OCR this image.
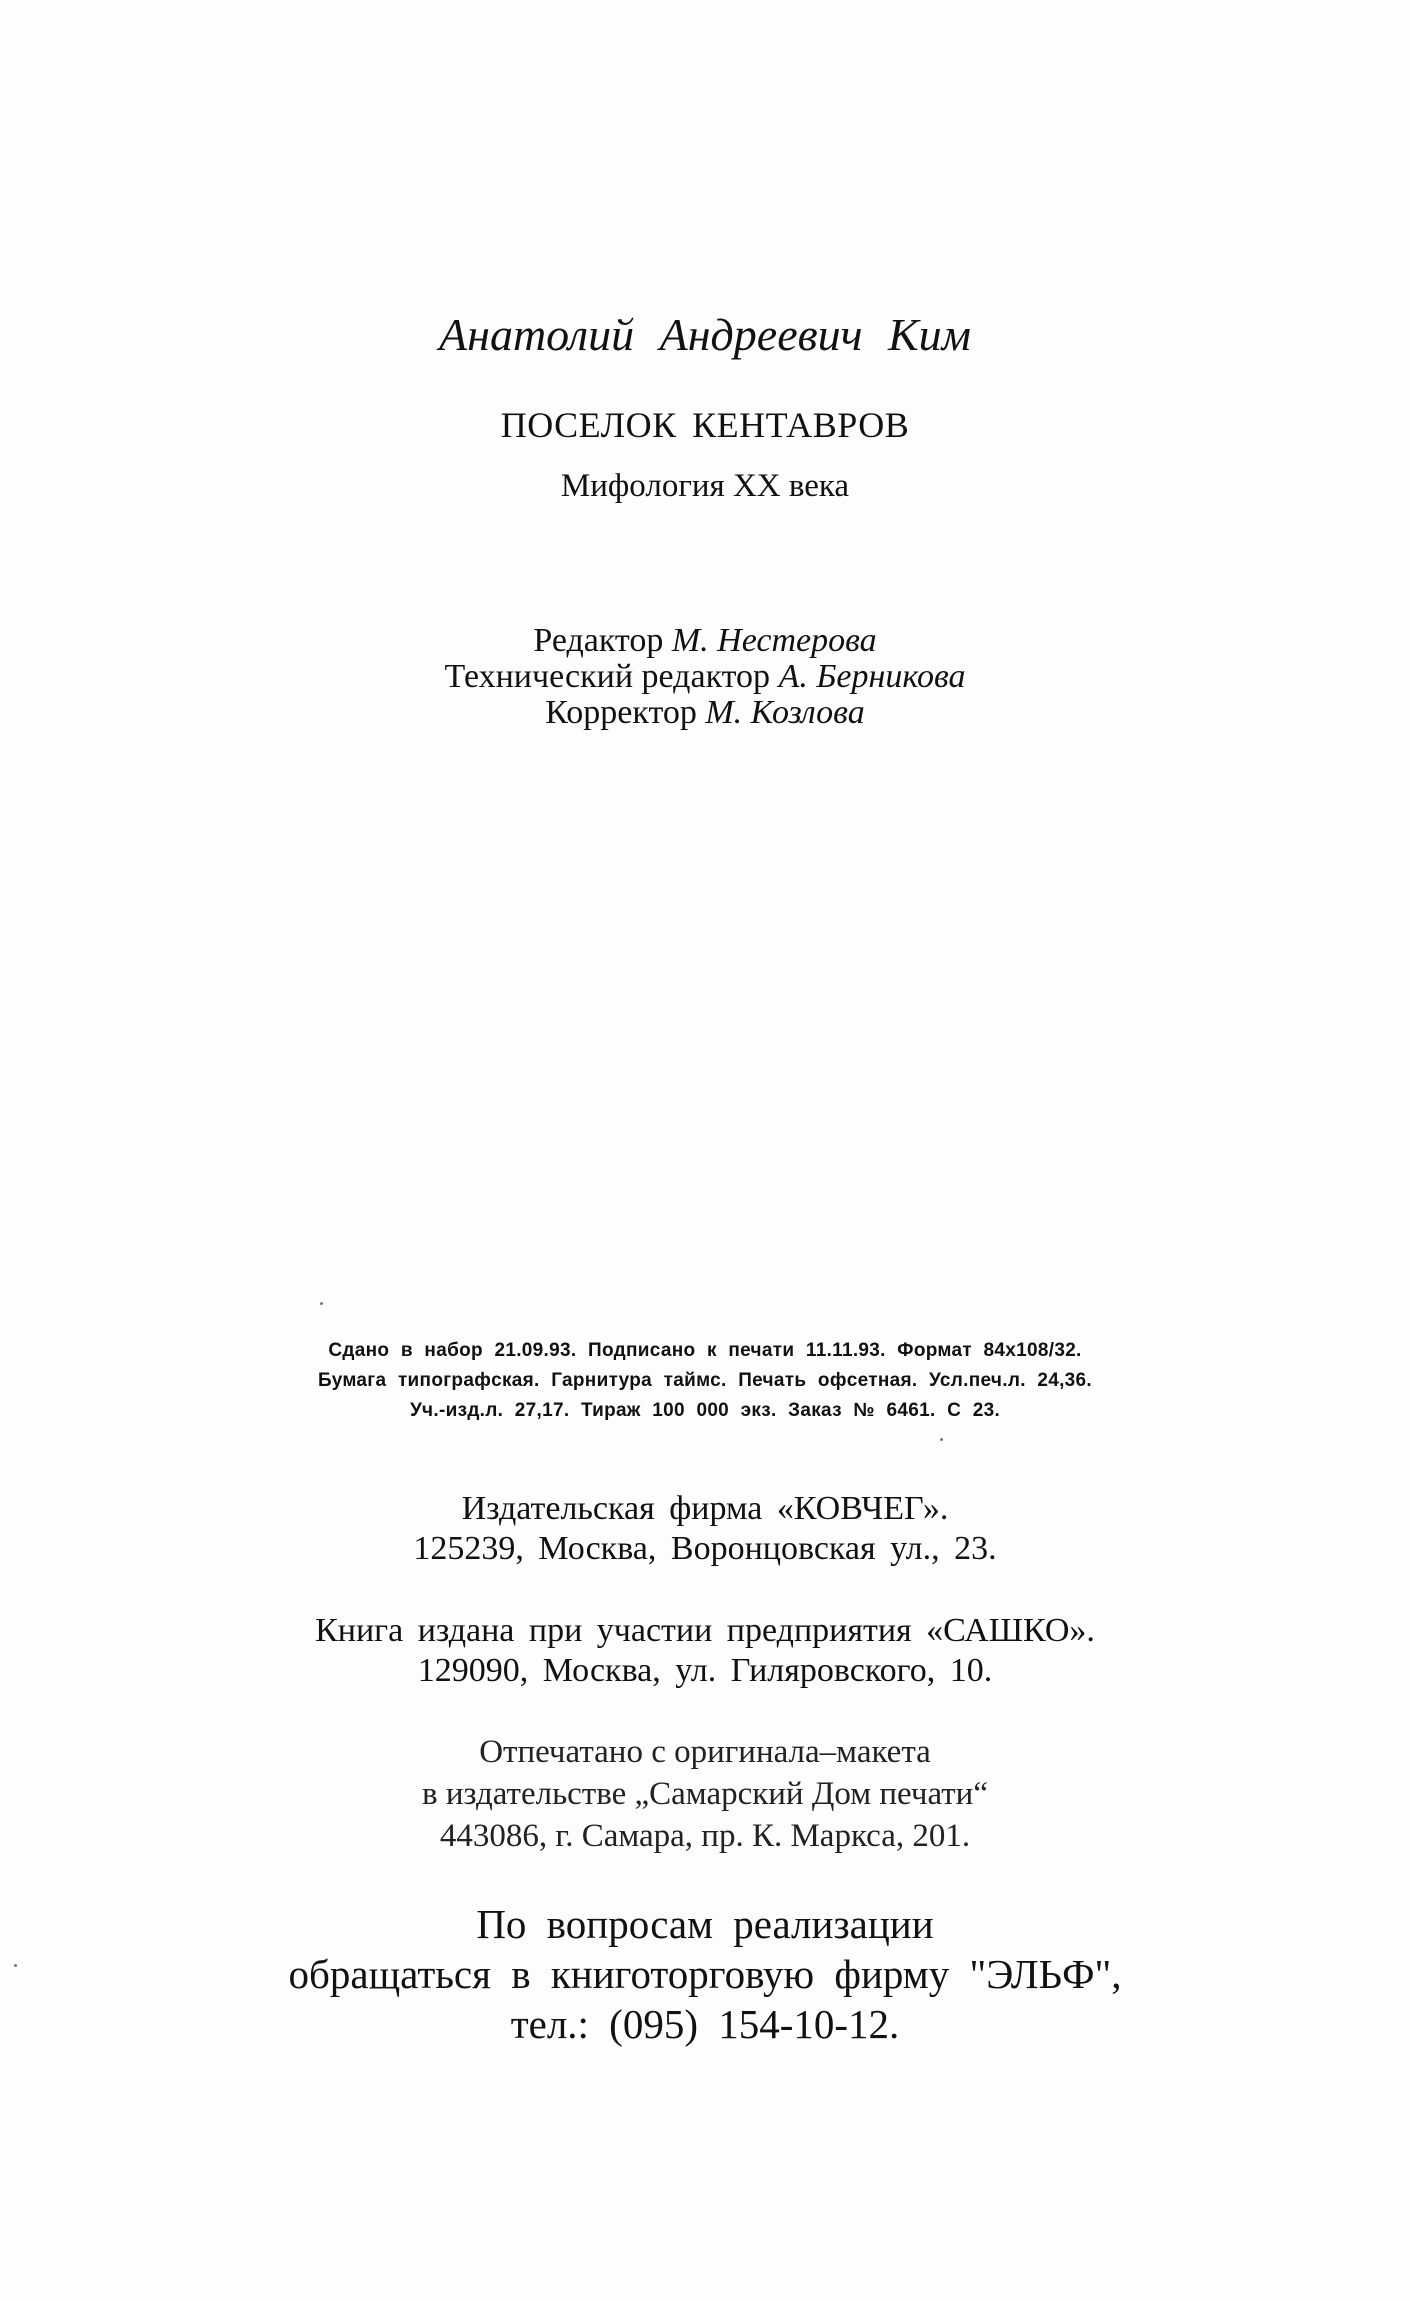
Анатолий Андреевич Ким
ПОСЕЛОК КЕНТАВРОВ
Мифология XX века
Редактор М. Нестерова
Технический редактор А. Берникова
Корректор М. Козлова
Сдано в набор 21.09.93. Подписано к печати 11.11.93. Формат 84x108/32.
Бумага типографская. Гарнитура таймс. Печать офсетная. Усл.печ.л. 24,36.
Уч.-изд.л. 27,17. Тираж 100 000 экз. Заказ № 6461. С 23.
Издательская фирма «КОВЧЕГ».
125239, Москва, Воронцовская ул., 23.
Книга издана при участии предприятия «САШКО».
129090, Москва, ул. Гиляровского, 10.
Отпечатано с оригинала–макета
в издательстве „Самарский Дом печати“
443086, г. Самара, пр. К. Маркса, 201.
По вопросам реализации
обращаться в книготорговую фирму "ЭЛЬФ",
тел.: (095) 154-10-12.
